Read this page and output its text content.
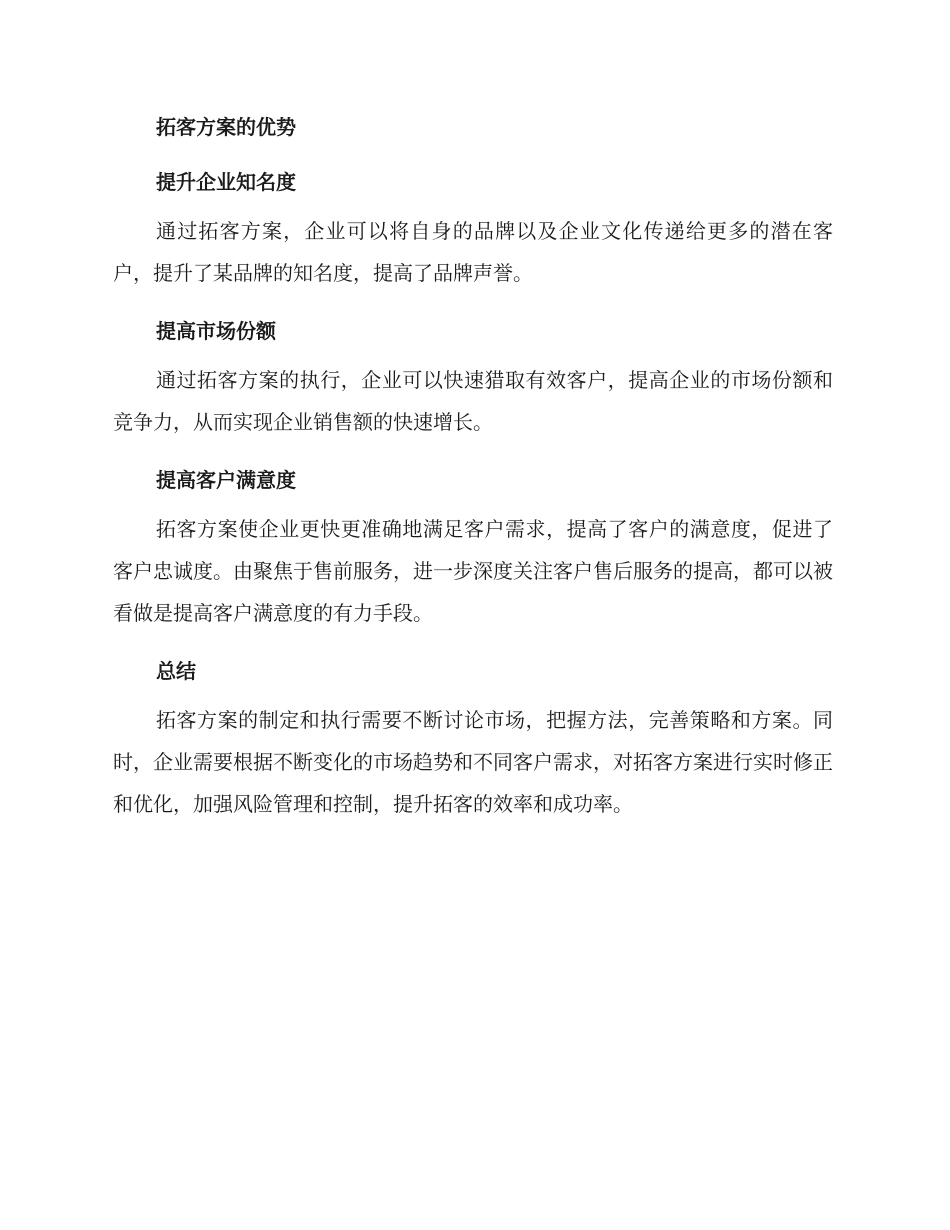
拓客方案的优势
提升企业知名度

通过拓客方案，企业可以将自身的品牌以及企业文化传递给更多的潜在客户，提升了某品牌的知名度，提高了品牌声誉。

提高市场份额

通过拓客方案的执行，企业可以快速猎取有效客户，提高企业的市场份额和竞争力，从而实现企业销售额的快速增长。

提高客户满意度

拓客方案使企业更快更准确地满足客户需求，提高了客户的满意度，促进了客户忠诚度。由聚焦于售前服务，进一步深度关注客户售后服务的提高，都可以被看做是提高客户满意度的有力手段。

总结

拓客方案的制定和执行需要不断讨论市场，把握方法，完善策略和方案。同时，企业需要根据不断变化的市场趋势和不同客户需求，对拓客方案进行实时修正和优化，加强风险管理和控制，提升拓客的效率和成功率。
